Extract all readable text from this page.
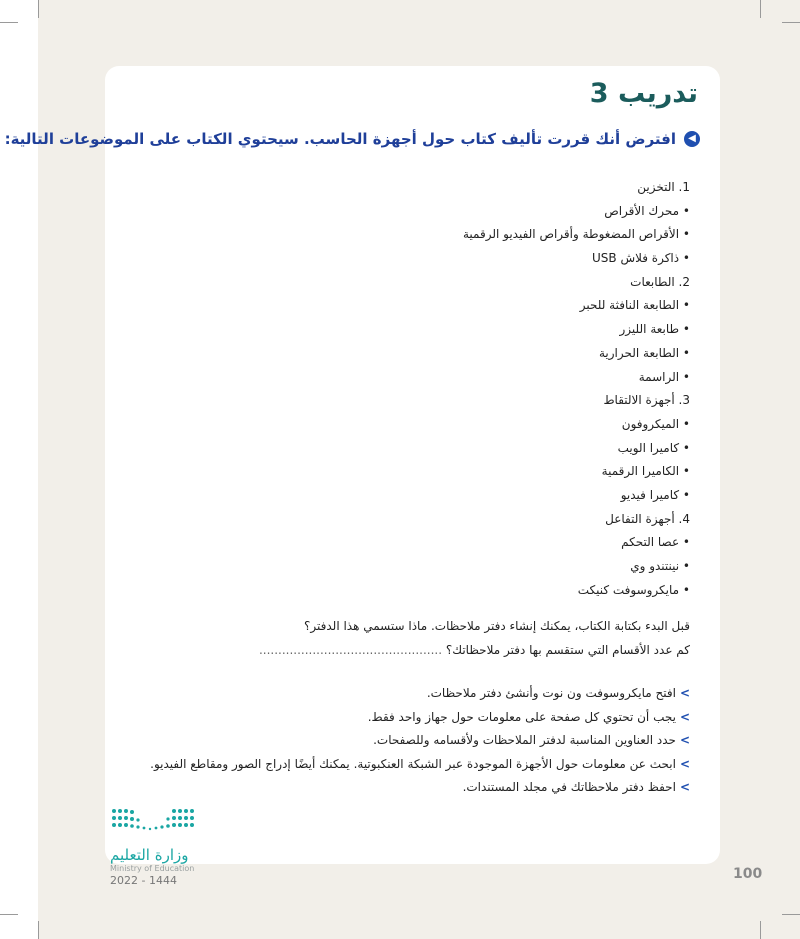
تدريب 3
◀
افترض أنك قررت تأليف كتاب حول أجهزة الحاسب. سيحتوي الكتاب على الموضوعات التالية:
1. التخزين
• محرك الأقراص
• الأقراص المضغوطة وأقراص الفيديو الرقمية
• ذاكرة فلاش USB
2. الطابعات
• الطابعة النافثة للحبر
• طابعة الليزر
• الطابعة الحرارية
• الراسمة
3. أجهزة الالتقاط
• الميكروفون
• كاميرا الويب
• الكاميرا الرقمية
• كاميرا فيديو
4. أجهزة التفاعل
• عصا التحكم
• نينتندو وي
• مايكروسوفت كنيكت
قبل البدء بكتابة الكتاب، يمكنك إنشاء دفتر ملاحظات. ماذا ستسمي هذا الدفتر؟
كم عدد الأقسام التي ستقسم بها دفتر ملاحظاتك؟ ................................................
>افتح مايكروسوفت ون نوت وأنشئ دفتر ملاحظات.
>يجب أن تحتوي كل صفحة على معلومات حول جهاز واحد فقط.
>حدد العناوين المناسبة لدفتر الملاحظات ولأقسامه وللصفحات.
>ابحث عن معلومات حول الأجهزة الموجودة عبر الشبكة العنكبوتية. يمكنك أيضًا إدراج الصور ومقاطع الفيديو.
>احفظ دفتر ملاحظاتك في مجلد المستندات.
وزارة التعليم
Ministry of Education
2022 - 1444	100
